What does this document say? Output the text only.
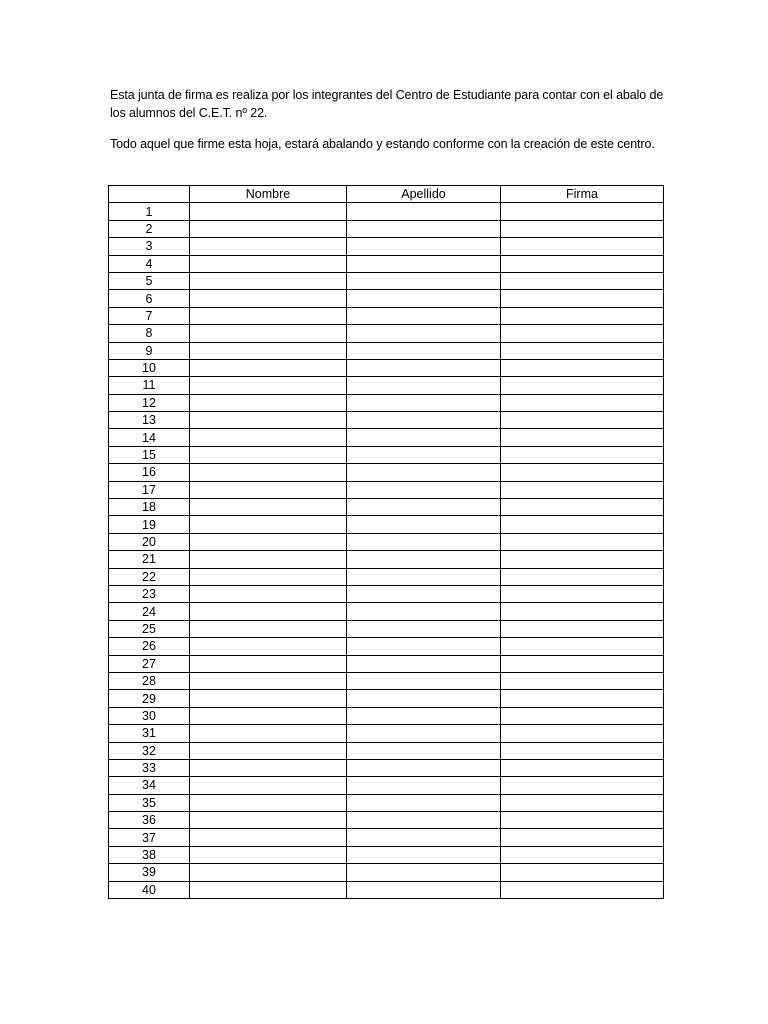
Esta junta de firma es realiza por los integrantes del Centro de Estudiante para contar con el abalo de los alumnos del C.E.T. nº 22.

Todo aquel que firme esta hoja, estará abalando y estando conforme con la creación de este centro.

	Nombre	Apellido	Firma
1			
2			
3			
4			
5			
6			
7			
8			
9			
10			
11			
12			
13			
14			
15			
16			
17			
18			
19			
20			
21			
22			
23			
24			
25			
26			
27			
28			
29			
30			
31			
32			
33			
34			
35			
36			
37			
38			
39			
40			
